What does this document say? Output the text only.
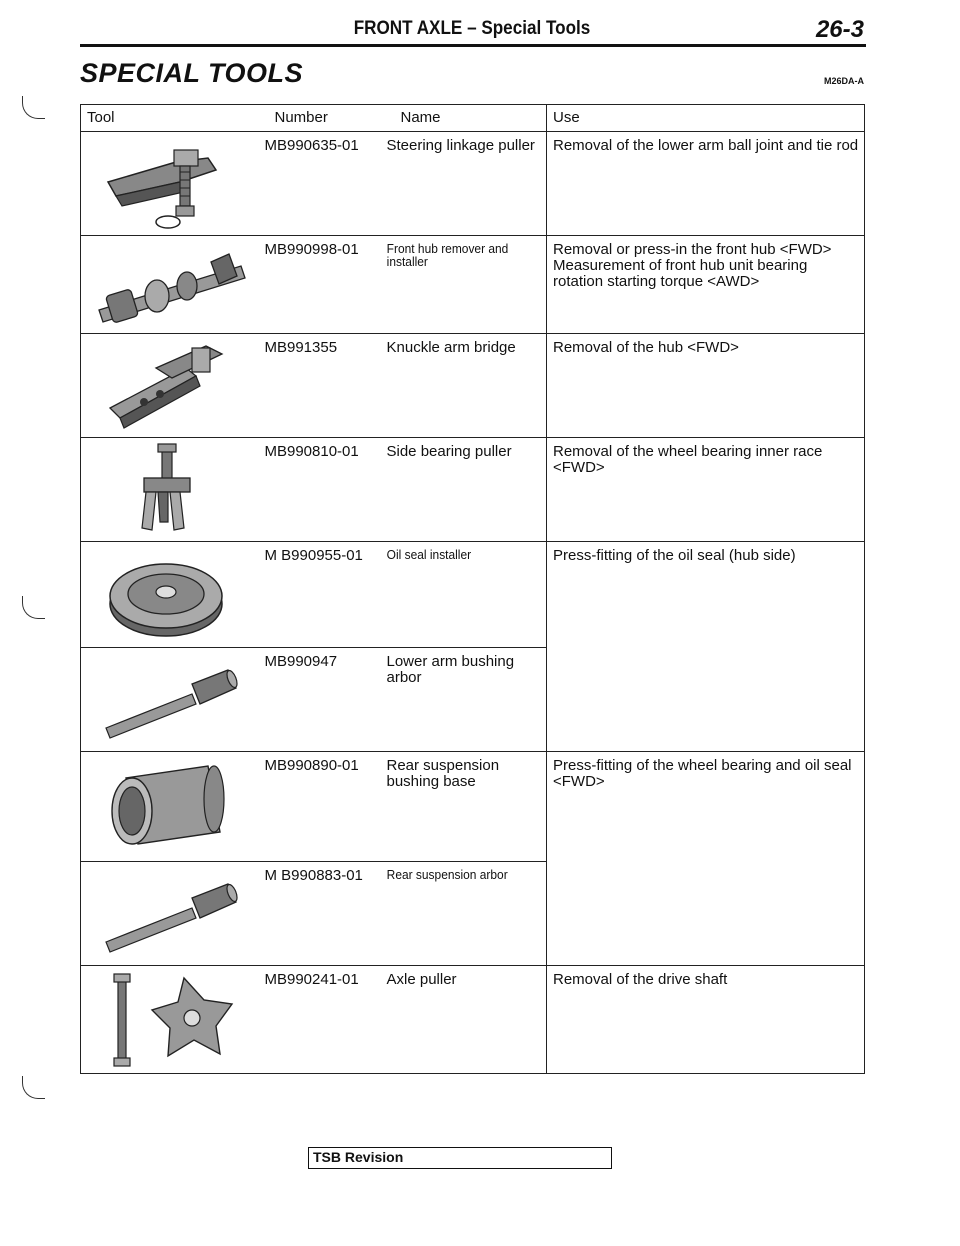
FRONT AXLE – Special Tools	26-3
SPECIAL TOOLS	M26DA-A
Tool	Number	Name	Use

MB990635-01	Steering linkage puller	Removal of the lower arm ball joint and tie rod

MB990998-01	Front hub remover and installer	Removal or press-in the front hub <FWD>
Measurement of front hub unit bearing rotation starting torque <AWD>

MB991355	Knuckle arm bridge	Removal of the hub <FWD>

MB990810-01	Side bearing puller	Removal of the wheel bearing inner race <FWD>

M B990955-01	Oil seal installer	Press-fitting of the oil seal (hub side)

MB990947	Lower arm bushing arbor	

MB990890-01	Rear suspension bushing base	Press-fitting of the wheel bearing and oil seal <FWD>

M B990883-01	Rear suspension arbor	

MB990241-01	Axle puller	Removal of the drive shaft
TSB Revision
